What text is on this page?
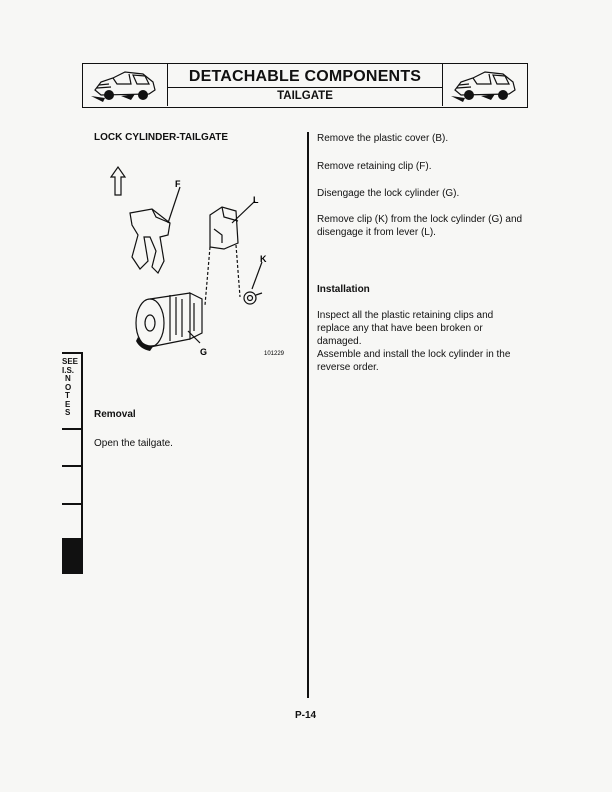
DETACHABLE COMPONENTS
TAILGATE
LOCK CYLINDER-TAILGATE
F
L
K
G	101229
Removal
Open the tailgate.
Remove the plastic cover (B).
Remove retaining clip (F).
Disengage the lock cylinder (G).
Remove clip (K) from the lock cylinder (G) and disengage it from lever (L).
Installation
Inspect all the plastic retaining clips and replace any that have been broken or damaged.
Assemble and install the lock cylinder in the reverse order.
SEE
I.S.
N
O
T
E
S
P-14
